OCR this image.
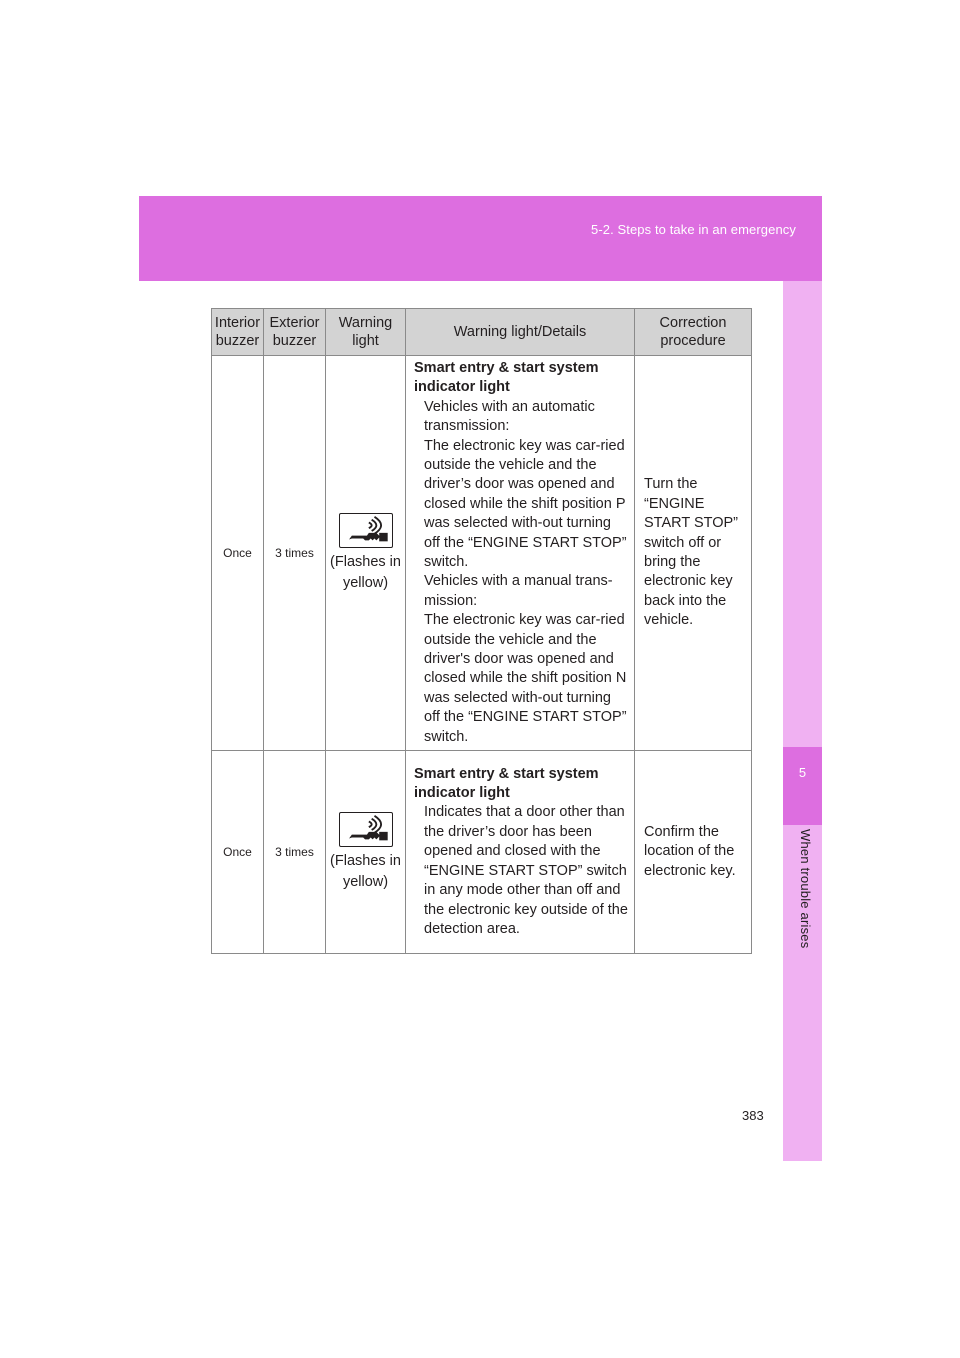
5-2. Steps to take in an emergency
5
When trouble arises
Interior buzzer	Exterior buzzer	Warning light	Warning light/Details	Correction procedure
Once	3 times	(Flashes in yellow)	Smart entry & start system indicator light
Vehicles with an automatic transmission:
The electronic key was car-ried outside the vehicle and the driver’s door was opened and closed while the shift position P was selected with-out turning off the “ENGINE START STOP” switch.
Vehicles with a manual trans-mission:
The electronic key was car-ried outside the vehicle and the driver's door was opened and closed while the shift position N was selected with-out turning off the “ENGINE START STOP” switch.	Turn the “ENGINE START STOP” switch off or bring the electronic key back into the vehicle.
Once	3 times	(Flashes in yellow)	Smart entry & start system indicator light
Indicates that a door other than the driver’s door has been opened and closed with the “ENGINE START STOP” switch in any mode other than off and the electronic key outside of the detection area.	Confirm the location of the electronic key.
383
